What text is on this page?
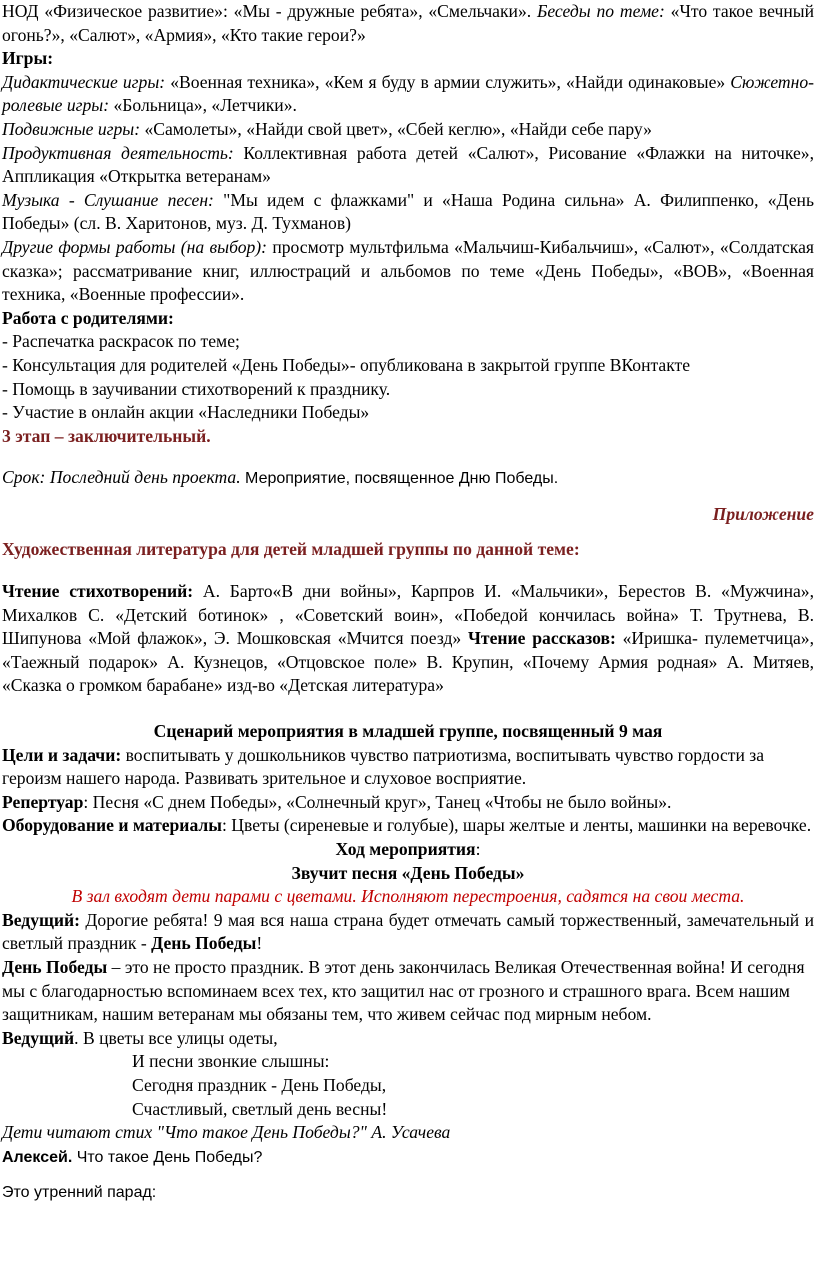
НОД «Физическое развитие»: «Мы - дружные ребята», «Смельчаки». Беседы по теме: «Что такое вечный огонь?», «Салют», «Армия», «Кто такие герои?»

Игры:

Дидактические игры: «Военная техника», «Кем я буду в армии служить», «Найди одинаковые» Сюжетно-ролевые игры: «Больница», «Летчики».

Подвижные игры: «Самолеты», «Найди свой цвет», «Сбей кеглю», «Найди себе пару»

Продуктивная деятельность: Коллективная работа детей «Салют», Рисование «Флажки на ниточке», Аппликация «Открытка ветеранам»

Музыка - Слушание песен: "Мы идем с флажками" и «Наша Родина сильна» А. Филиппенко, «День Победы» (сл. В. Харитонов, муз. Д. Тухманов)

Другие формы работы (на выбор): просмотр мультфильма «Мальчиш-Кибальчиш», «Салют», «Солдатская сказка»; рассматривание книг, иллюстраций и альбомов по теме «День Победы», «ВОВ», «Военная техника, «Военные профессии».

Работа с родителями:

- Распечатка раскрасок по теме;

- Консультация для родителей «День Победы»- опубликована в закрытой группе ВКонтакте

- Помощь в заучивании стихотворений к празднику.

- Участие в онлайн акции «Наследники Победы»

3 этап – заключительный.

Срок: Последний день проекта. Мероприятие, посвященное Дню Победы.

Приложение

Художественная литература для детей младшей группы по данной теме:

Чтение стихотворений: А. Барто«В дни войны», Карпров И. «Мальчики», Берестов В. «Мужчина», Михалков С. «Детский ботинок» , «Советский воин», «Победой кончилась война» Т. Трутнева, В. Шипунова «Мой флажок», Э. Мошковская «Мчится поезд» Чтение рассказов: «Иришка- пулеметчица», «Таежный подарок» А. Кузнецов, «Отцовское поле» В. Крупин, «Почему Армия родная» А. Митяев, «Сказка о громком барабане» изд-во «Детская литература»

Сценарий мероприятия в младшей группе, посвященный 9 мая

Цели и задачи: воспитывать у дошкольников чувство патриотизма, воспитывать чувство гордости за героизм нашего народа. Развивать зрительное и слуховое восприятие.

Репертуар: Песня «С днем Победы», «Солнечный круг», Танец «Чтобы не было войны».

Оборудование и материалы: Цветы (сиреневые и голубые), шары желтые и ленты, машинки на веревочке.

Ход мероприятия:

Звучит песня «День Победы»

В зал входят дети парами с цветами. Исполняют перестроения, садятся на свои места.

Ведущий: Дорогие ребята! 9 мая вся наша страна будет отмечать самый торжественный, замечательный и светлый праздник - День Победы!

День Победы – это не просто праздник. В этот день закончилась Великая Отечественная война! И сегодня мы с благодарностью вспоминаем всех тех, кто защитил нас от грозного и страшного врага. Всем нашим защитникам, нашим ветеранам мы обязаны тем, что живем сейчас под мирным небом.

Ведущий. В цветы все улицы одеты,

И песни звонкие слышны:

Сегодня праздник - День Победы,

Счастливый, светлый день весны!

Дети читают стих "Что такое День Победы?" А. Усачева

Алексей. Что такое День Победы?

Это утренний парад:
